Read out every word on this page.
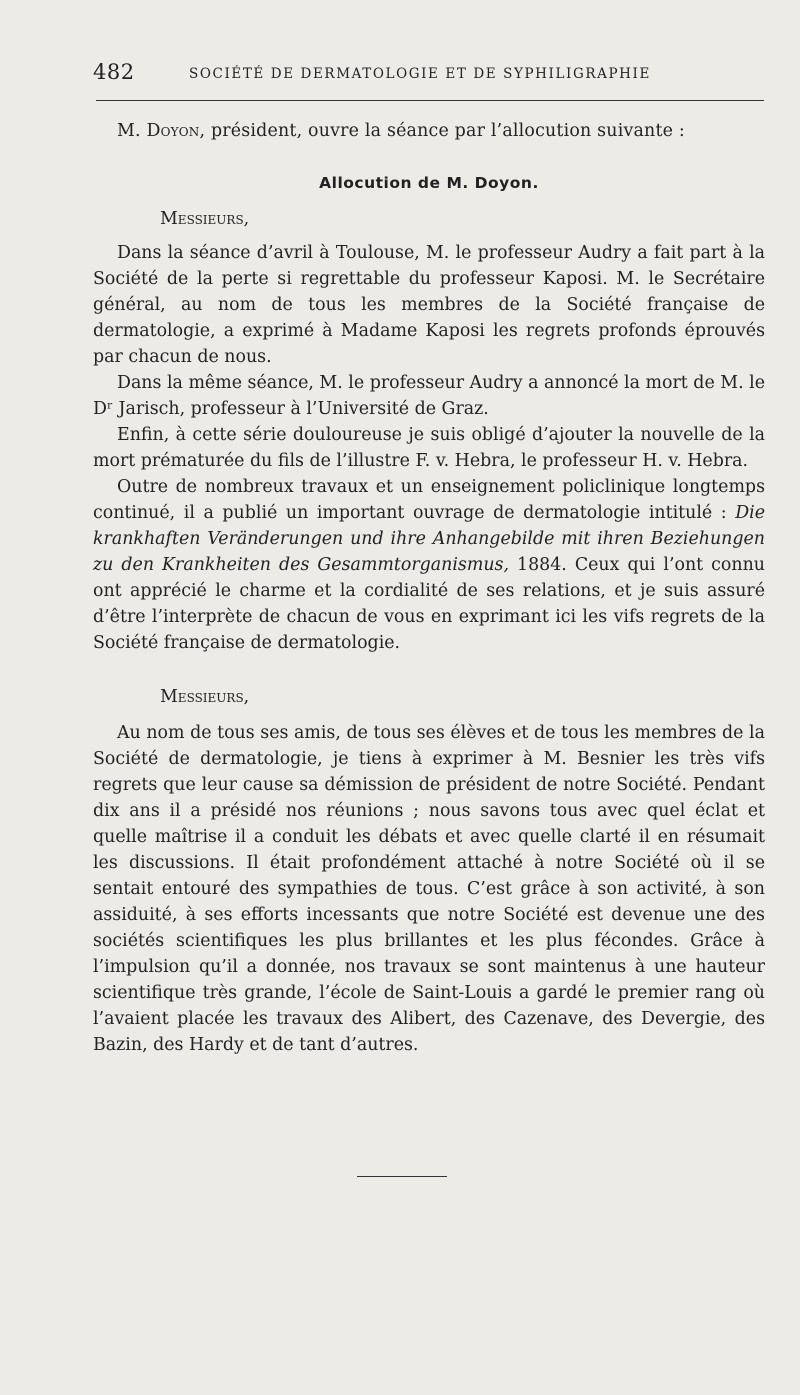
482	SOCIÉTÉ DE DERMATOLOGIE ET DE SYPHILIGRAPHIE

M. Doyon, président, ouvre la séance par l’allocution suivante :

Allocution de M. Doyon.

Messieurs,

Dans la séance d’avril à Toulouse, M. le professeur Audry a fait part à la Société de la perte si regrettable du professeur Kaposi. M. le Secrétaire général, au nom de tous les membres de la Société française de dermatologie, a exprimé à Madame Kaposi les regrets profonds éprouvés par chacun de nous.

Dans la même séance, M. le professeur Audry a annoncé la mort de M. le Dʳ Jarisch, professeur à l’Université de Graz.

Enfin, à cette série douloureuse je suis obligé d’ajouter la nouvelle de la mort prématurée du fils de l’illustre F. v. Hebra, le professeur H. v. Hebra.

Outre de nombreux travaux et un enseignement policlinique longtemps continué, il a publié un important ouvrage de dermatologie intitulé : Die krankhaften Veränderungen und ihre Anhangebilde mit ihren Beziehungen zu den Krankheiten des Gesammtorganismus, 1884. Ceux qui l’ont connu ont apprécié le charme et la cordialité de ses relations, et je suis assuré d’être l’interprète de chacun de vous en exprimant ici les vifs regrets de la Société française de dermatologie.

Messieurs,

Au nom de tous ses amis, de tous ses élèves et de tous les membres de la Société de dermatologie, je tiens à exprimer à M. Besnier les très vifs regrets que leur cause sa démission de président de notre Société. Pendant dix ans il a présidé nos réunions ; nous savons tous avec quel éclat et quelle maîtrise il a conduit les débats et avec quelle clarté il en résumait les discussions. Il était profondément attaché à notre Société où il se sentait entouré des sympathies de tous. C’est grâce à son activité, à son assiduité, à ses efforts incessants que notre Société est devenue une des sociétés scientifiques les plus brillantes et les plus fécondes. Grâce à l’impulsion qu’il a donnée, nos travaux se sont maintenus à une hauteur scientifique très grande, l’école de Saint-Louis a gardé le premier rang où l’avaient placée les travaux des Alibert, des Cazenave, des Devergie, des Bazin, des Hardy et de tant d’autres.
